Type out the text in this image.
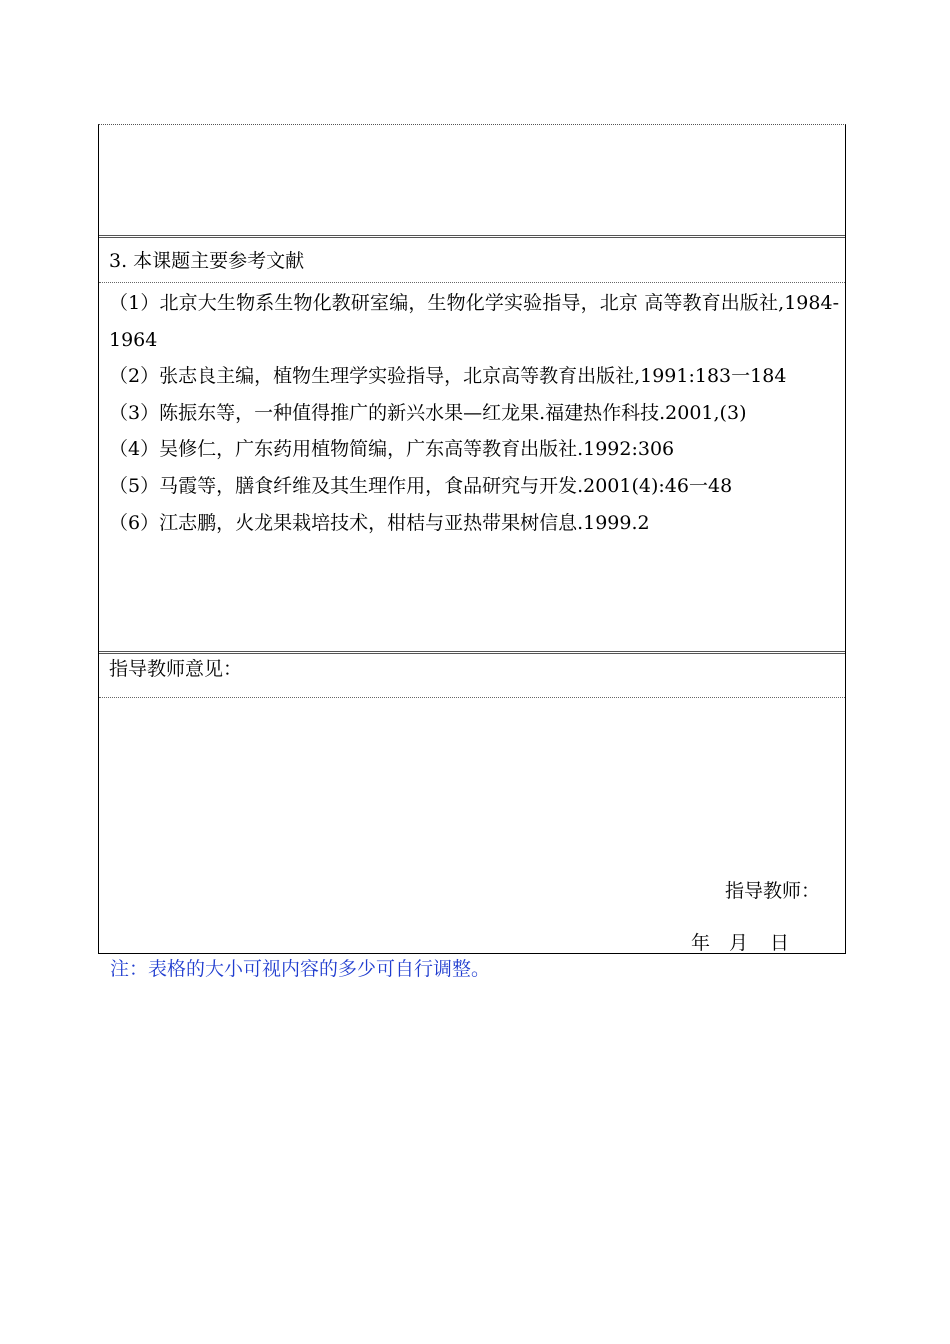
3. 本课题主要参考文献
（1）北京大生物系生物化教研室编，生物化学实验指导，北京 高等教育出版社,1984-1964
（2）张志良主编，植物生理学实验指导，北京高等教育出版社,1991:183一184
（3）陈振东等，一种值得推广的新兴水果—红龙果.福建热作科技.2001,(3)
（4）吴修仁，广东药用植物简编，广东高等教育出版社.1992:306
（5）马霞等，膳食纤维及其生理作用，食品研究与开发.2001(4):46一48
（6）江志鹏，火龙果栽培技术，柑桔与亚热带果树信息.1999.2
指导教师意见：
指导教师：
年 月 日
注：表格的大小可视内容的多少可自行调整。
